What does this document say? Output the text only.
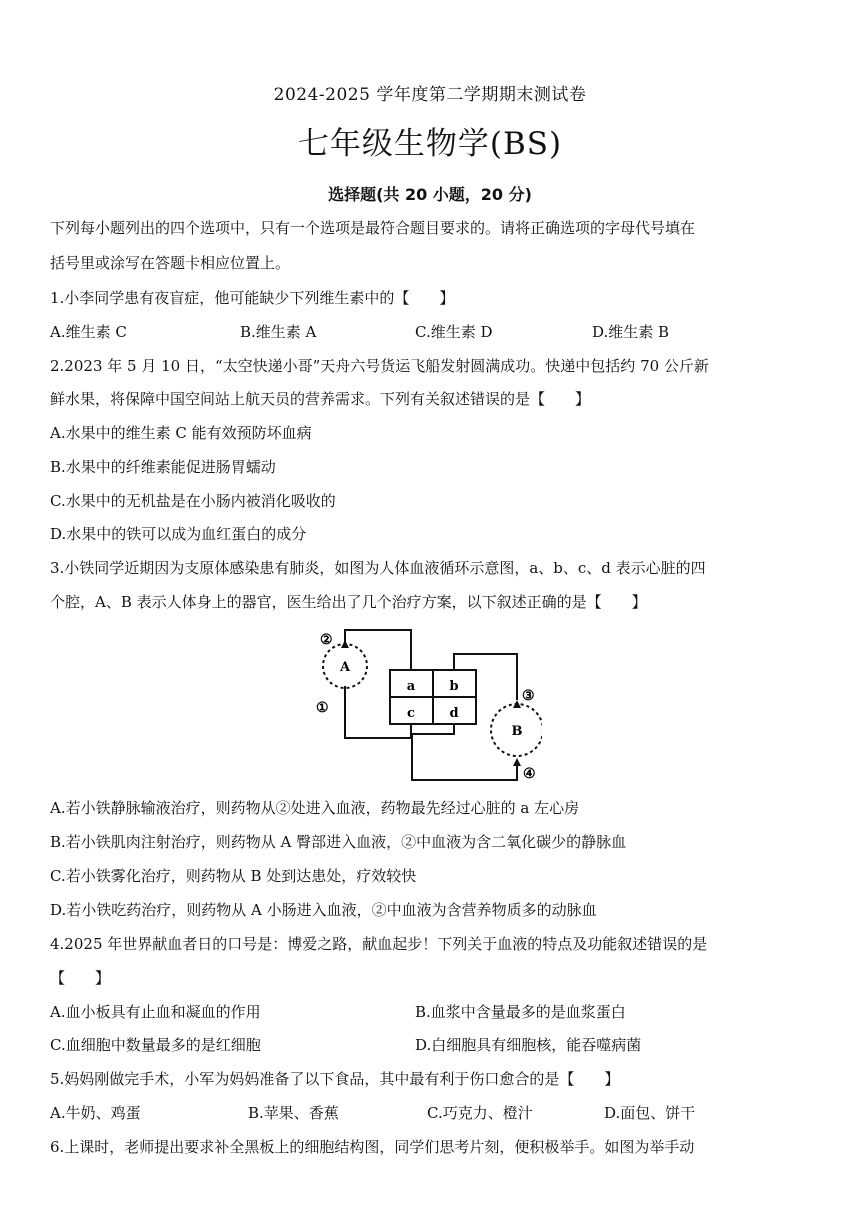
2024-2025 学年度第二学期期末测试卷
七年级生物学(BS)
选择题(共 20 小题，20 分)
下列每小题列出的四个选项中，只有一个选项是最符合题目要求的。请将正确选项的字母代号填在
括号里或涂写在答题卡相应位置上。
1.小李同学患有夜盲症，他可能缺少下列维生素中的【　　】
A.维生素 C	B.维生素 A	C.维生素 D	D.维生素 B
2.2023 年 5 月 10 日，“太空快递小哥”天舟六号货运飞船发射圆满成功。快递中包括约 70 公斤新
鲜水果，将保障中国空间站上航天员的营养需求。下列有关叙述错误的是【　　】
A.水果中的维生素 C 能有效预防坏血病
B.水果中的纤维素能促进肠胃蠕动
C.水果中的无机盐是在小肠内被消化吸收的
D.水果中的铁可以成为血红蛋白的成分
3.小铁同学近期因为支原体感染患有肺炎，如图为人体血液循环示意图，a、b、c、d 表示心脏的四
个腔，A、B 表示人体身上的器官，医生给出了几个治疗方案，以下叙述正确的是【　　】
a	b
c	d
A
B
②
①
③
④
A.若小铁静脉输液治疗，则药物从②处进入血液，药物最先经过心脏的 a 左心房
B.若小铁肌肉注射治疗，则药物从 A 臀部进入血液，②中血液为含二氧化碳少的静脉血
C.若小铁雾化治疗，则药物从 B 处到达患处，疗效较快
D.若小铁吃药治疗，则药物从 A 小肠进入血液，②中血液为含营养物质多的动脉血
4.2025 年世界献血者日的口号是：博爱之路，献血起步！下列关于血液的特点及功能叙述错误的是
【　　】
A.血小板具有止血和凝血的作用	B.血浆中含量最多的是血浆蛋白
C.血细胞中数量最多的是红细胞	D.白细胞具有细胞核，能吞噬病菌
5.妈妈刚做完手术，小军为妈妈准备了以下食品，其中最有利于伤口愈合的是【　　】
A.牛奶、鸡蛋	B.苹果、香蕉	C.巧克力、橙汁	D.面包、饼干
6.上课时，老师提出要求补全黑板上的细胞结构图，同学们思考片刻，便积极举手。如图为举手动
